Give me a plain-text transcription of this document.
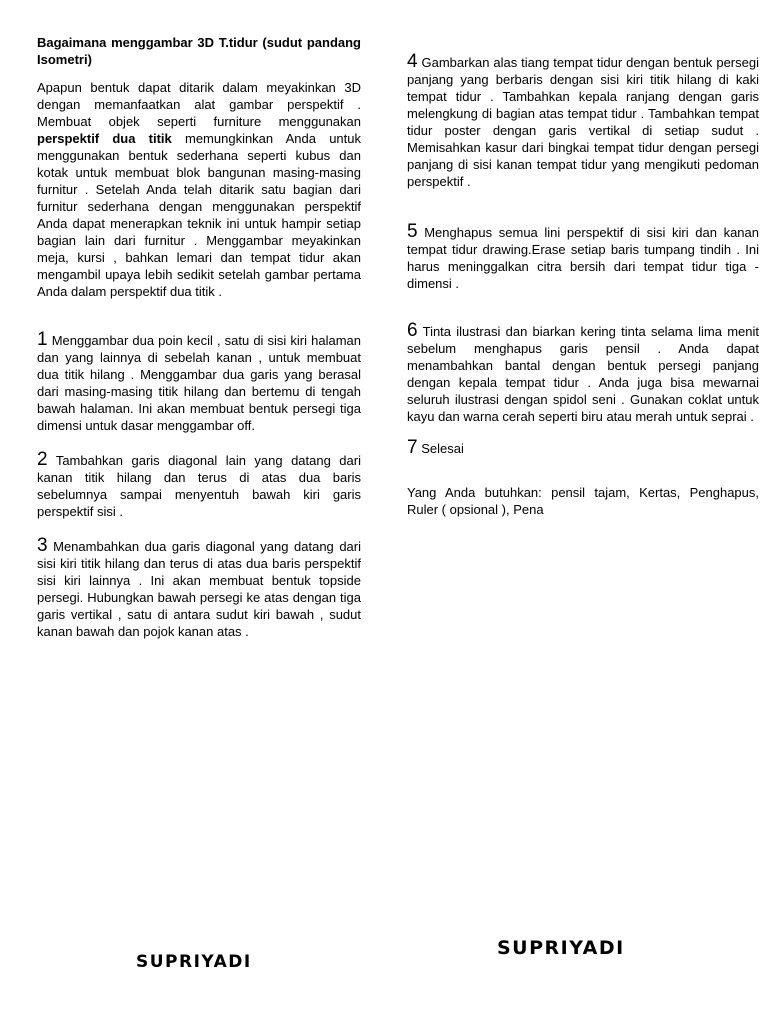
Bagaimana menggambar 3D T.tidur (sudut pandang Isometri)

Apapun bentuk dapat ditarik dalam meyakinkan 3D dengan memanfaatkan alat gambar perspektif . Membuat objek seperti furniture menggunakan perspektif dua titik memungkinkan Anda untuk menggunakan bentuk sederhana seperti kubus dan kotak untuk membuat blok bangunan masing-masing furnitur . Setelah Anda telah ditarik satu bagian dari furnitur sederhana dengan menggunakan perspektif Anda dapat menerapkan teknik ini untuk hampir setiap bagian lain dari furnitur . Menggambar meyakinkan meja, kursi , bahkan lemari dan tempat tidur akan mengambil upaya lebih sedikit setelah gambar pertama Anda dalam perspektif dua titik .

1 Menggambar dua poin kecil , satu di sisi kiri halaman dan yang lainnya di sebelah kanan , untuk membuat dua titik hilang . Menggambar dua garis yang berasal dari masing-masing titik hilang dan bertemu di tengah bawah halaman. Ini akan membuat bentuk persegi tiga dimensi untuk dasar menggambar off.

2 Tambahkan garis diagonal lain yang datang dari kanan titik hilang dan terus di atas dua baris sebelumnya sampai menyentuh bawah kiri garis perspektif sisi .

3 Menambahkan dua garis diagonal yang datang dari sisi kiri titik hilang dan terus di atas dua baris perspektif sisi kiri lainnya . Ini akan membuat bentuk topside persegi. Hubungkan bawah persegi ke atas dengan tiga garis vertikal , satu di antara sudut kiri bawah , sudut kanan bawah dan pojok kanan atas .

4 Gambarkan alas tiang tempat tidur dengan bentuk persegi panjang yang berbaris dengan sisi kiri titik hilang di kaki tempat tidur . Tambahkan kepala ranjang dengan garis melengkung di bagian atas tempat tidur . Tambahkan tempat tidur poster dengan garis vertikal di setiap sudut . Memisahkan kasur dari bingkai tempat tidur dengan persegi panjang di sisi kanan tempat tidur yang mengikuti pedoman perspektif .

5 Menghapus semua lini perspektif di sisi kiri dan kanan tempat tidur drawing.Erase setiap baris tumpang tindih . Ini harus meninggalkan citra bersih dari tempat tidur tiga - dimensi .

6 Tinta ilustrasi dan biarkan kering tinta selama lima menit sebelum menghapus garis pensil . Anda dapat menambahkan bantal dengan bentuk persegi panjang dengan kepala tempat tidur . Anda juga bisa mewarnai seluruh ilustrasi dengan spidol seni . Gunakan coklat untuk kayu dan warna cerah seperti biru atau merah untuk seprai .

7 Selesai

Yang Anda butuhkan: pensil tajam, Kertas, Penghapus, Ruler ( opsional ), Pena

SUPRIYADI
SUPRIYADI
